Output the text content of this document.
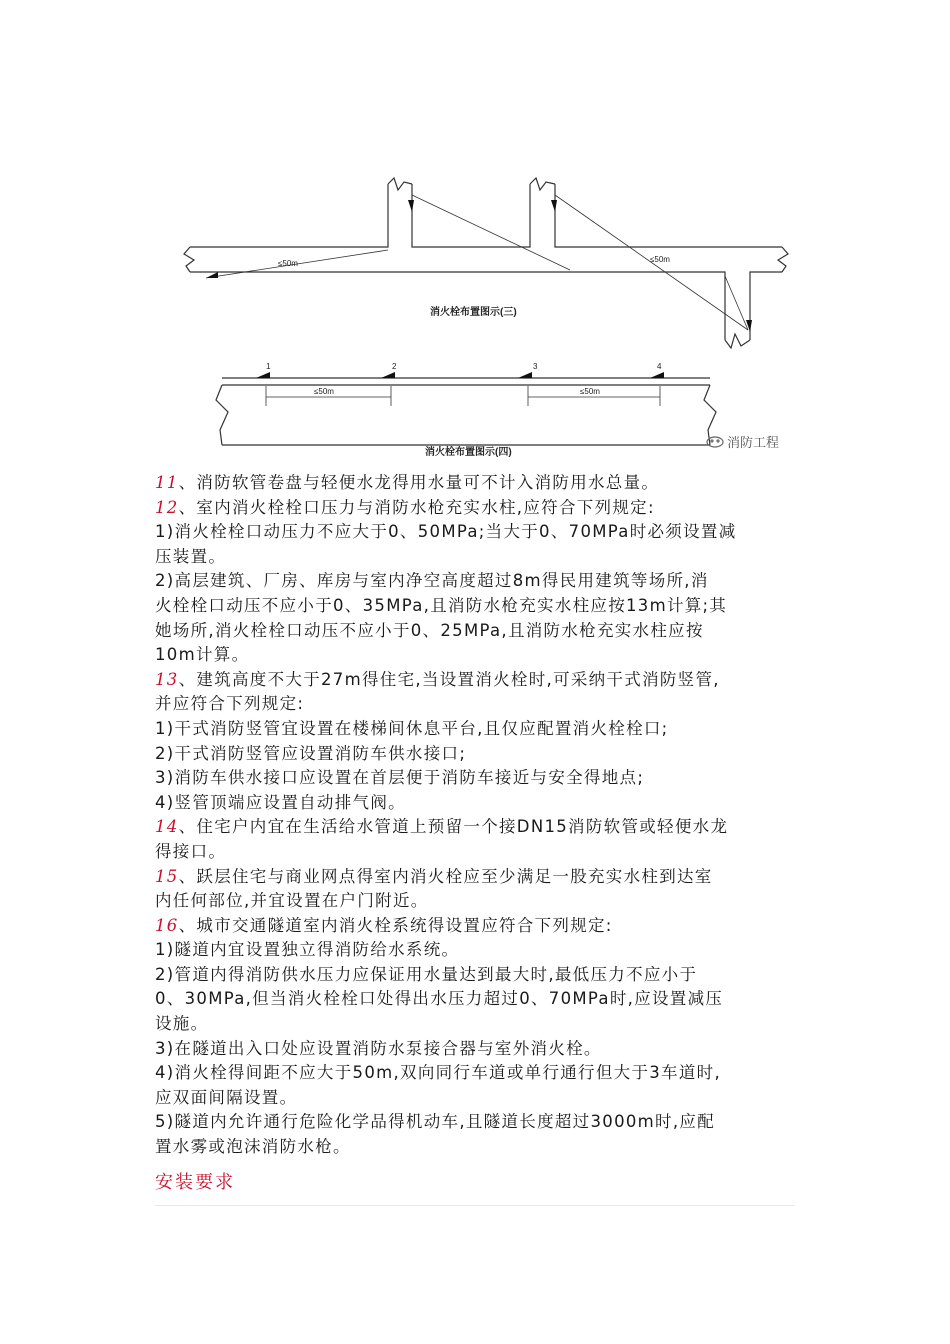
≤50m	≤50m
消火栓布置图示(三)
1	2	3	4
≤50m	≤50m
消火栓布置图示(四)
消防工程
11、消防软管卷盘与轻便水龙得用水量可不计入消防用水总量。
12、室内消火栓栓口压力与消防水枪充实水柱,应符合下列规定:
1)消火栓栓口动压力不应大于0、50MPa;当大于0、70MPa时必须设置减
压装置。
2)高层建筑、厂房、库房与室内净空高度超过8m得民用建筑等场所,消
火栓栓口动压不应小于0、35MPa,且消防水枪充实水柱应按13m计算;其
她场所,消火栓栓口动压不应小于0、25MPa,且消防水枪充实水柱应按
10m计算。
13、建筑高度不大于27m得住宅,当设置消火栓时,可采纳干式消防竖管,
并应符合下列规定:
1)干式消防竖管宜设置在楼梯间休息平台,且仅应配置消火栓栓口;
2)干式消防竖管应设置消防车供水接口;
3)消防车供水接口应设置在首层便于消防车接近与安全得地点;
4)竖管顶端应设置自动排气阀。
14、住宅户内宜在生活给水管道上预留一个接DN15消防软管或轻便水龙
得接口。
15、跃层住宅与商业网点得室内消火栓应至少满足一股充实水柱到达室
内任何部位,并宜设置在户门附近。
16、城市交通隧道室内消火栓系统得设置应符合下列规定:
1)隧道内宜设置独立得消防给水系统。
2)管道内得消防供水压力应保证用水量达到最大时,最低压力不应小于
0、30MPa,但当消火栓栓口处得出水压力超过0、70MPa时,应设置减压
设施。
3)在隧道出入口处应设置消防水泵接合器与室外消火栓。
4)消火栓得间距不应大于50m,双向同行车道或单行通行但大于3车道时,
应双面间隔设置。
5)隧道内允许通行危险化学品得机动车,且隧道长度超过3000m时,应配
置水雾或泡沫消防水枪。
安装要求
